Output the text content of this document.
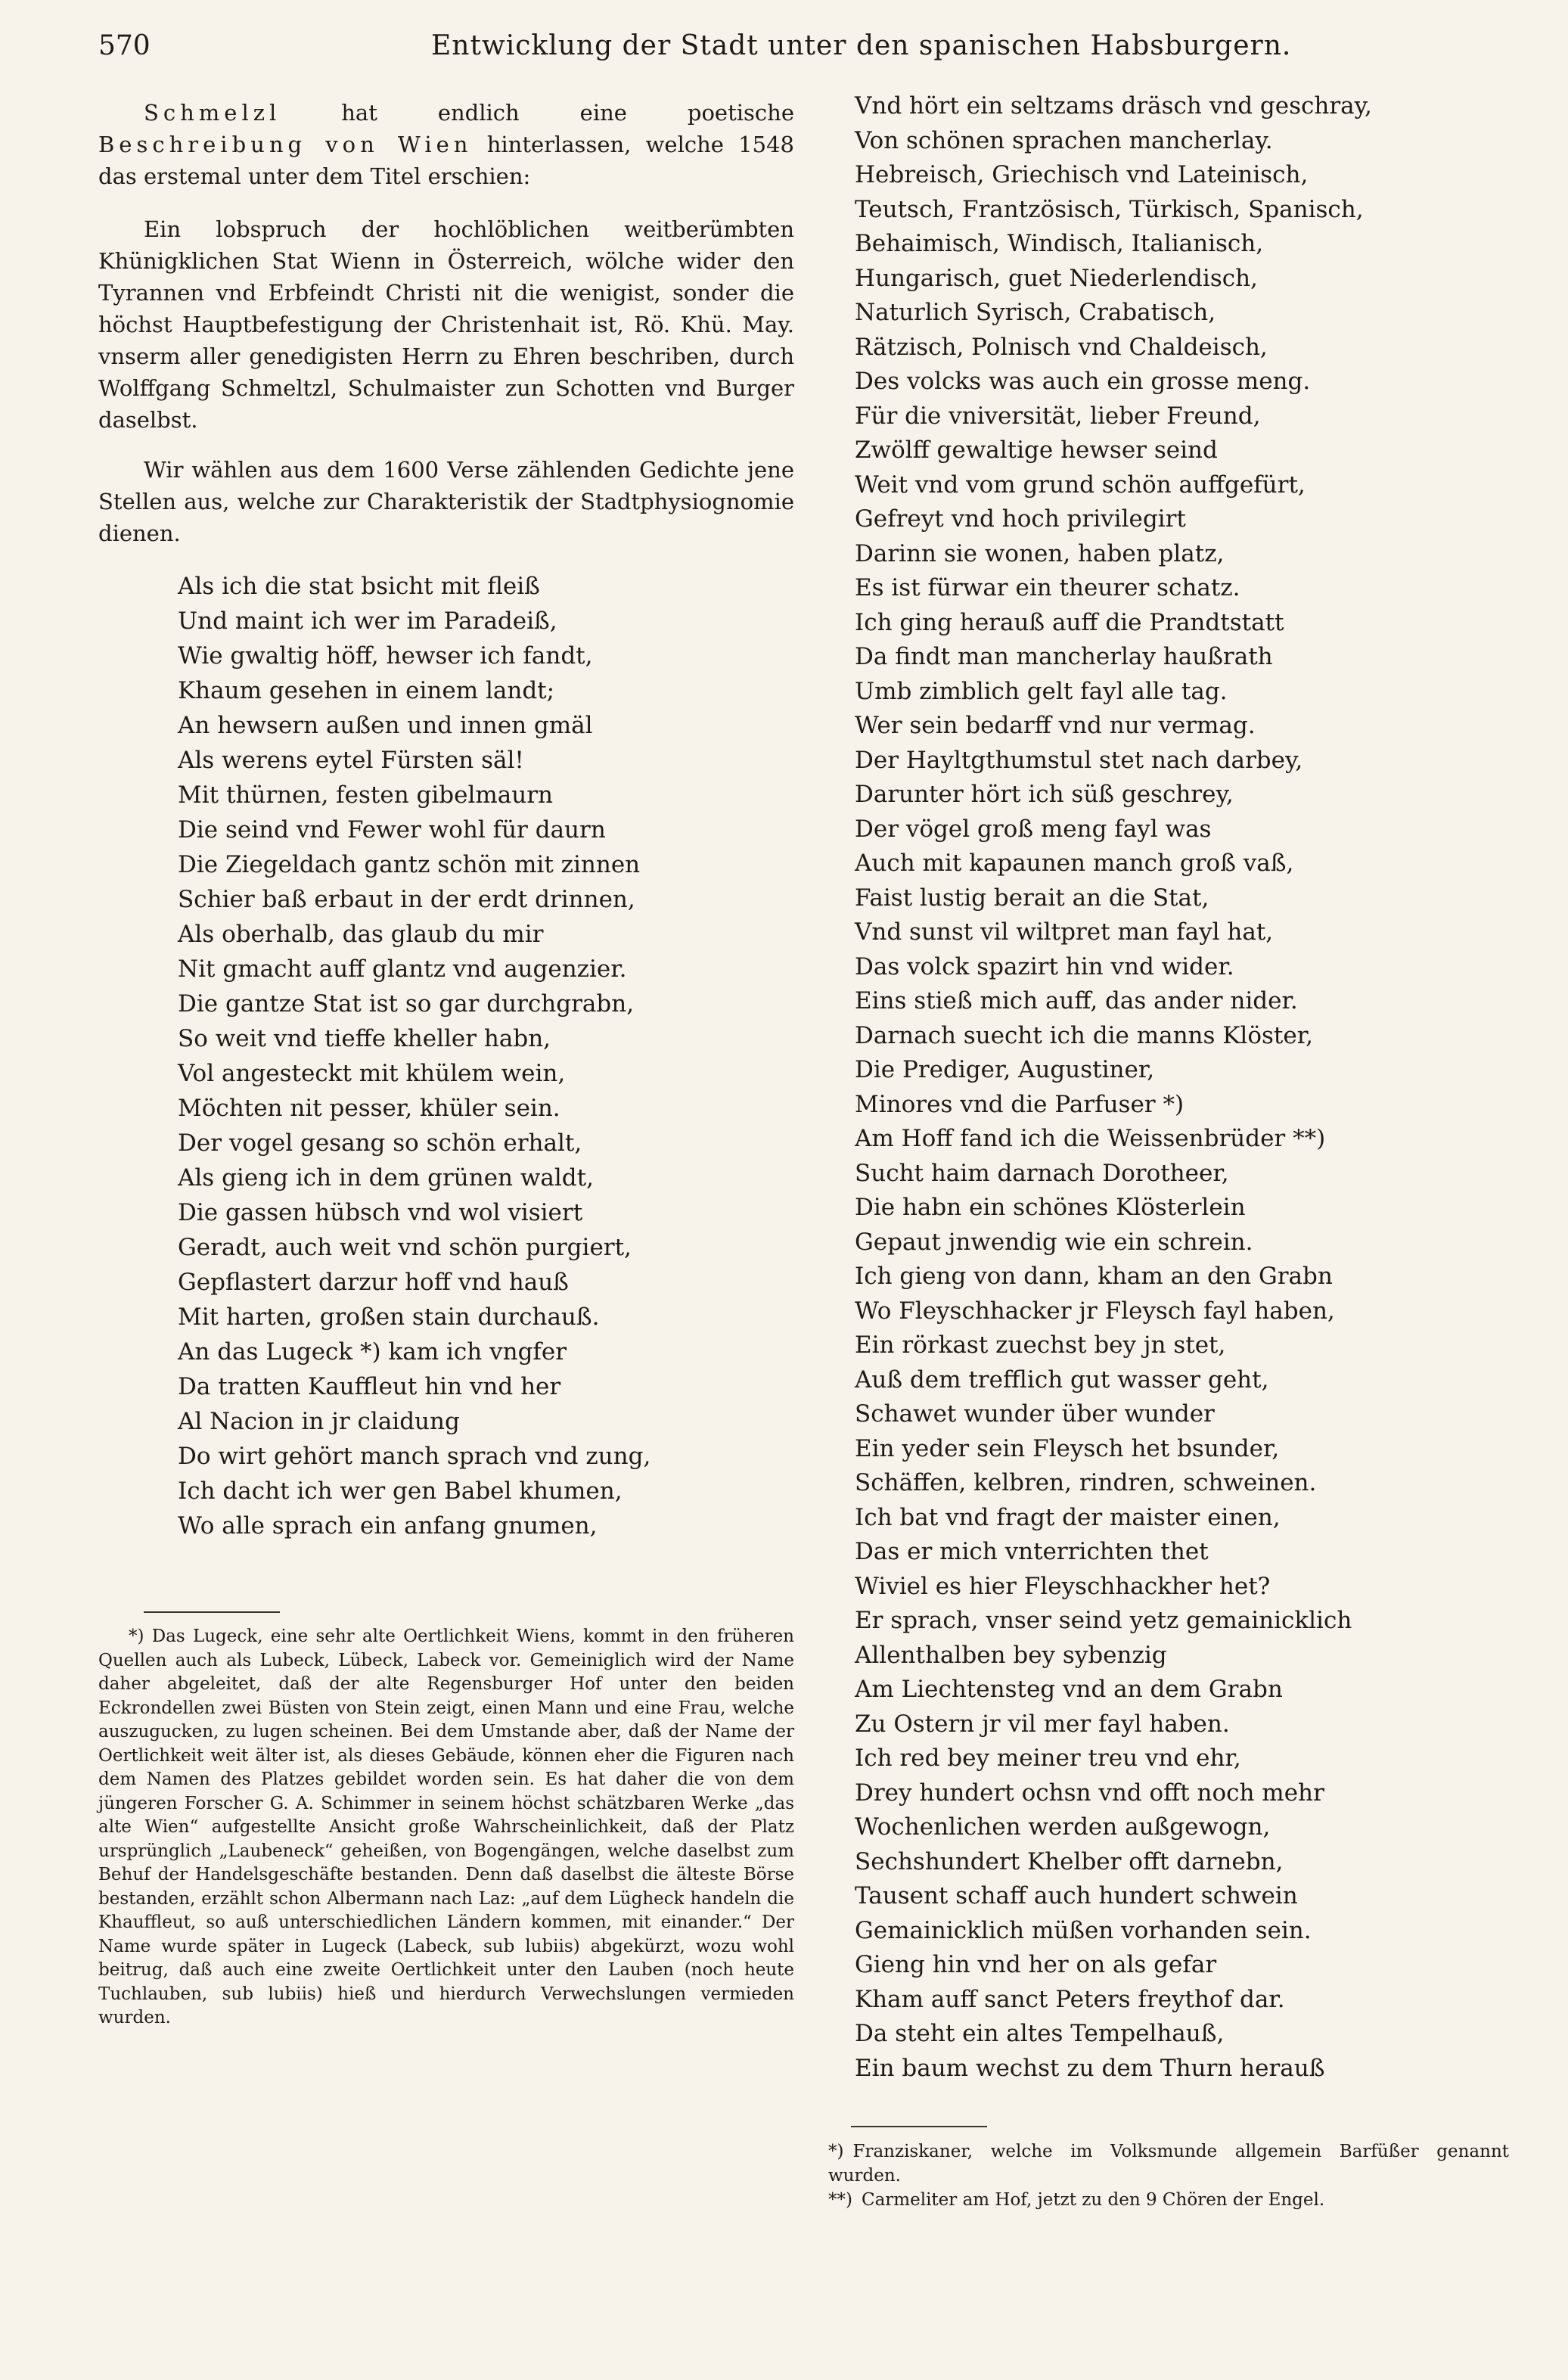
570	Entwicklung der Stadt unter den spanischen Habsburgern.

Schmelzl	hat endlich eine poetische Beschreibung von Wien hinterlassen, welche 1548 das erstemal unter dem Titel erschien:

Ein lobspruch der hochlöblichen weitberümbten Khünigklichen Stat Wienn in Österreich, wölche wider den Tyrannen vnd Erbfeindt Christi nit die wenigist, sonder die höchst Hauptbefestigung der Christenhait ist, Rö. Khü. May. vnserm aller genedigisten Herrn zu Ehren beschriben, durch Wolffgang Schmeltzl, Schulmaister zun Schotten vnd Burger daselbst.

Wir wählen aus dem 1600 Verse zählenden Gedichte jene Stellen aus, welche zur Charakteristik der Stadtphysiognomie dienen.

Als ich die stat bsicht mit fleiß
Und maint ich wer im Paradeiß,
Wie gwaltig höff, hewser ich fandt,
Khaum gesehen in einem landt;
An hewsern außen und innen gmäl
Als werens eytel Fürsten säl!
Mit thürnen, festen gibelmaurn
Die seind vnd Fewer wohl für daurn
Die Ziegeldach gantz schön mit zinnen
Schier baß erbaut in der erdt drinnen,
Als oberhalb, das glaub du mir
Nit gmacht auff glantz vnd augenzier.
Die gantze Stat ist so gar durchgrabn,
So weit vnd tieffe khеller habn,
Vol angesteckt mit khülem wein,
Möchten nit pesser, khüler sein.
Der vogel gesang so schön erhalt,
Als gieng ich in dem grünen waldt,
Die gassen hübsch vnd wol visiert
Geradt, auch weit vnd schön purgiert,
Gepflastert darzur hoff vnd hauß
Mit harten, großen stain durchauß.
An das Lugeck *) kam ich vngfer
Da tratten Kauffleut hin vnd her
Al Nacion in jr claidung
Do wirt gehört manch sprach vnd zung,
Ich dacht ich wer gen Babel khumen,
Wo alle sprach ein anfang gnumen,
Vnd hört ein seltzams dräsch vnd geschray,
Von schönen sprachen mancherlay.
Hebreisch, Griechisch vnd Lateinisch,
Teutsch, Frantzösisch, Türkisch, Spanisch,
Behaimisch, Windisch, Italianisch,
Hungarisch, guet Niederlendisch,
Naturlich Syrisch, Crabatisch,
Rätzisch, Polnisch vnd Chaldeisch,
Des volcks was auch ein grosse meng.
Für die vniversität, lieber Freund,
Zwölff gewaltige hewser seind
Weit vnd vom grund schön auffgefürt,
Gefreyt vnd hoch privilegirt
Darinn sie wonen, haben platz,
Es ist fürwar ein theurer schatz.
Ich ging herauß auff die Prandtstatt
Da findt man mancherlay haußrath
Umb zimblich gelt fayl alle tag.
Wer sein bedarff vnd nur vermag.
Der Hayltgthumstul stet nach darbey,
Darunter hört ich süß geschrey,
Der vögel groß meng fayl was
Auch mit kapaunen manch groß vaß,
Faist lustig berait an die Stat,
Vnd sunst vil wiltpret man fayl hat,
Das volck spazirt hin vnd wider.
Eins stieß mich auff, das ander nider.
Darnach suecht ich die manns Klöster,
Die Prediger, Augustiner,
Minores vnd die Parfuser *)
Am Hoff fand ich die Weissenbrüder **)
Sucht haim darnach Dorotheer,
Die habn ein schönes Klösterlein
Gepaut jnwendig wie ein schrein.
Ich gieng von dann, kham an den Grabn
Wo Fleyschhacker jr Fleysch fayl haben,
Ein rörkast zuechst bey jn stet,
Auß dem trefflich gut wasser geht,
Schawet wunder über wunder
Ein yeder sein Fleysch het bsunder,
Schäffen, kelbren, rindren, schweinen.
Ich bat vnd fragt der maister einen,
Das er mich vnterrichten thet
Wiviel es hier Fleyschhackher het?
Er sprach, vnser seind yetz gemainicklich
Allenthalben bey sybenzig
Am Liechtensteg vnd an dem Grabn
Zu Ostern jr vil mer fayl haben.
Ich red bey meiner treu vnd ehr,
Drey hundert ochsn vnd offt noch mehr
Wochenlichen werden außgewogn,
Sechshundert Khelber offt darnebn,
Tausent schaff auch hundert schwein
Gemainicklich müßen vorhanden sein.
Gieng hin vnd her on als gefar
Kham auff sanct Peters freythof dar.
Da steht ein altes Tempelhauß,
Ein baum wechst zu dem Thurn herauß

*) Das Lugeck, eine sehr alte Oertlichkeit Wiens, kommt in den früheren Quellen auch als Lubeck, Lübeck, Labeck vor. Gemeiniglich wird der Name daher abgeleitet, daß der alte Regensburger Hof unter den beiden Eckrondellen zwei Büsten von Stein zeigt, einen Mann und eine Frau, welche auszugucken, zu lugen scheinen. Bei dem Umstande aber, daß der Name der Oertlichkeit weit älter ist, als dieses Gebäude, können eher die Figuren nach dem Namen des Platzes gebildet worden sein. Es hat daher die von dem jüngeren Forscher G. A. Schimmer in seinem höchst schätzbaren Werke „das alte Wien“ aufgestellte Ansicht große Wahrscheinlichkeit, daß der Platz ursprünglich „Laubeneck“ geheißen, von Bogengängen, welche daselbst zum Behuf der Handelsgeschäfte bestanden. Denn daß daselbst die älteste Börse bestanden, erzählt schon Albermann nach Laz: „auf dem Lügheck handeln die Khauffleut, so auß unterschiedlichen Ländern kommen, mit einander.“ Der Name wurde später in Lugeck (Labeck, sub lubiis) abgekürzt, wozu wohl beitrug, daß auch eine zweite Oertlichkeit unter den Lauben (noch heute Tuchlauben, sub lubiis) hieß und hierdurch Verwechslungen vermieden wurden.

*) Franziskaner, welche im Volksmunde allgemein Barfüßer genannt wurden.

**) Carmeliter am Hof, jetzt zu den 9 Chören der Engel.
